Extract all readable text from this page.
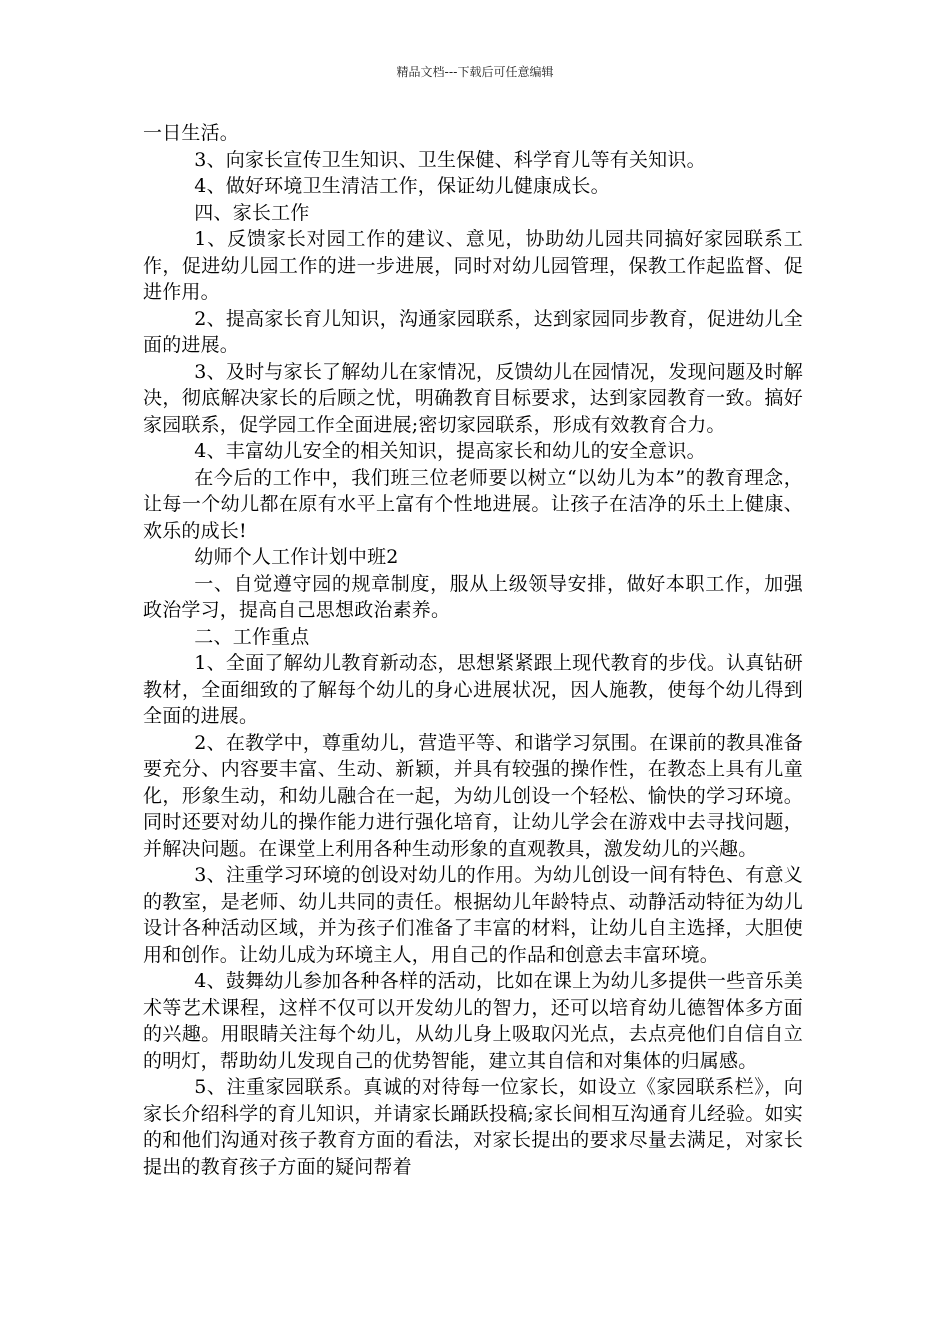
精品文档---下载后可任意编辑

一日生活。

3、向家长宣传卫生知识、卫生保健、科学育儿等有关知识。

4、做好环境卫生清洁工作，保证幼儿健康成长。

四、家长工作

1、反馈家长对园工作的建议、意见，协助幼儿园共同搞好家园联系工作，促进幼儿园工作的进一步进展，同时对幼儿园管理，保教工作起监督、促进作用。

2、提高家长育儿知识，沟通家园联系，达到家园同步教育，促进幼儿全面的进展。

3、及时与家长了解幼儿在家情况，反馈幼儿在园情况，发现问题及时解决，彻底解决家长的后顾之忧，明确教育目标要求，达到家园教育一致。搞好家园联系，促学园工作全面进展;密切家园联系，形成有效教育合力。

4、丰富幼儿安全的相关知识，提高家长和幼儿的安全意识。

在今后的工作中，我们班三位老师要以树立“以幼儿为本”的教育理念，让每一个幼儿都在原有水平上富有个性地进展。让孩子在洁净的乐土上健康、欢乐的成长!

幼师个人工作计划中班2

一、自觉遵守园的规章制度，服从上级领导安排，做好本职工作，加强政治学习，提高自己思想政治素养。

二、工作重点

1、全面了解幼儿教育新动态，思想紧紧跟上现代教育的步伐。认真钻研教材，全面细致的了解每个幼儿的身心进展状况，因人施教，使每个幼儿得到全面的进展。

2、在教学中，尊重幼儿，营造平等、和谐学习氛围。在课前的教具准备要充分、内容要丰富、生动、新颖，并具有较强的操作性，在教态上具有儿童化，形象生动，和幼儿融合在一起，为幼儿创设一个轻松、愉快的学习环境。同时还要对幼儿的操作能力进行强化培育，让幼儿学会在游戏中去寻找问题，并解决问题。在课堂上利用各种生动形象的直观教具，激发幼儿的兴趣。

3、注重学习环境的创设对幼儿的作用。为幼儿创设一间有特色、有意义的教室，是老师、幼儿共同的责任。根据幼儿年龄特点、动静活动特征为幼儿设计各种活动区域，并为孩子们准备了丰富的材料，让幼儿自主选择，大胆使用和创作。让幼儿成为环境主人，用自己的作品和创意去丰富环境。

4、鼓舞幼儿参加各种各样的活动，比如在课上为幼儿多提供一些音乐美术等艺术课程，这样不仅可以开发幼儿的智力，还可以培育幼儿德智体多方面的兴趣。用眼睛关注每个幼儿，从幼儿身上吸取闪光点，去点亮他们自信自立的明灯，帮助幼儿发现自己的优势智能，建立其自信和对集体的归属感。

5、注重家园联系。真诚的对待每一位家长，如设立《家园联系栏》，向家长介绍科学的育儿知识，并请家长踊跃投稿;家长间相互沟通育儿经验。如实的和他们沟通对孩子教育方面的看法，对家长提出的要求尽量去满足，对家长提出的教育孩子方面的疑问帮着
